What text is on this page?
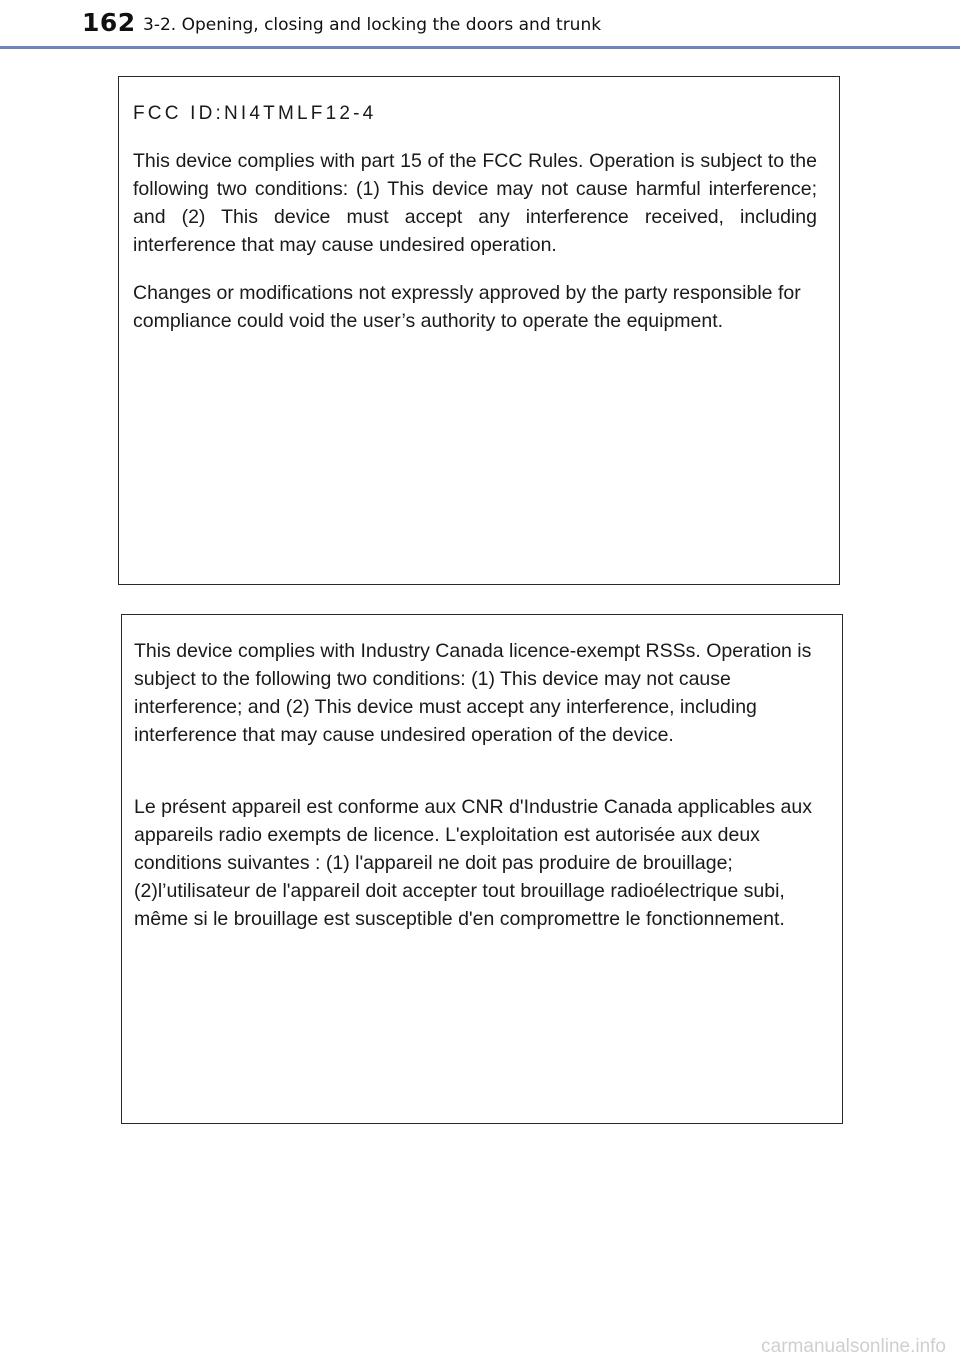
162 3-2. Opening, closing and locking the doors and trunk
FCC ID:NI4TMLF12-4

This device complies with part 15 of the FCC Rules. Operation is subject to the following two conditions: (1) This device may not cause harmful interference; and (2) This device must accept any interference received, including interference that may cause undesired operation.

Changes or modifications not expressly approved by the party responsible for compliance could void the user’s authority to operate the equipment.

This device complies with Industry Canada licence-exempt RSSs. Operation is subject to the following two conditions: (1) This device may not cause interference; and (2) This device must accept any interference, including interference that may cause undesired operation of the device.

Le présent appareil est conforme aux CNR d'Industrie Canada applicables aux appareils radio exempts de licence. L'exploitation est autorisée aux deux conditions suivantes : (1) l'appareil ne doit pas produire de brouillage; (2)l’utilisateur de l'appareil doit accepter tout brouillage radioélectrique subi, même si le brouillage est susceptible d'en compromettre le fonctionnement.

carmanualsonline.info
